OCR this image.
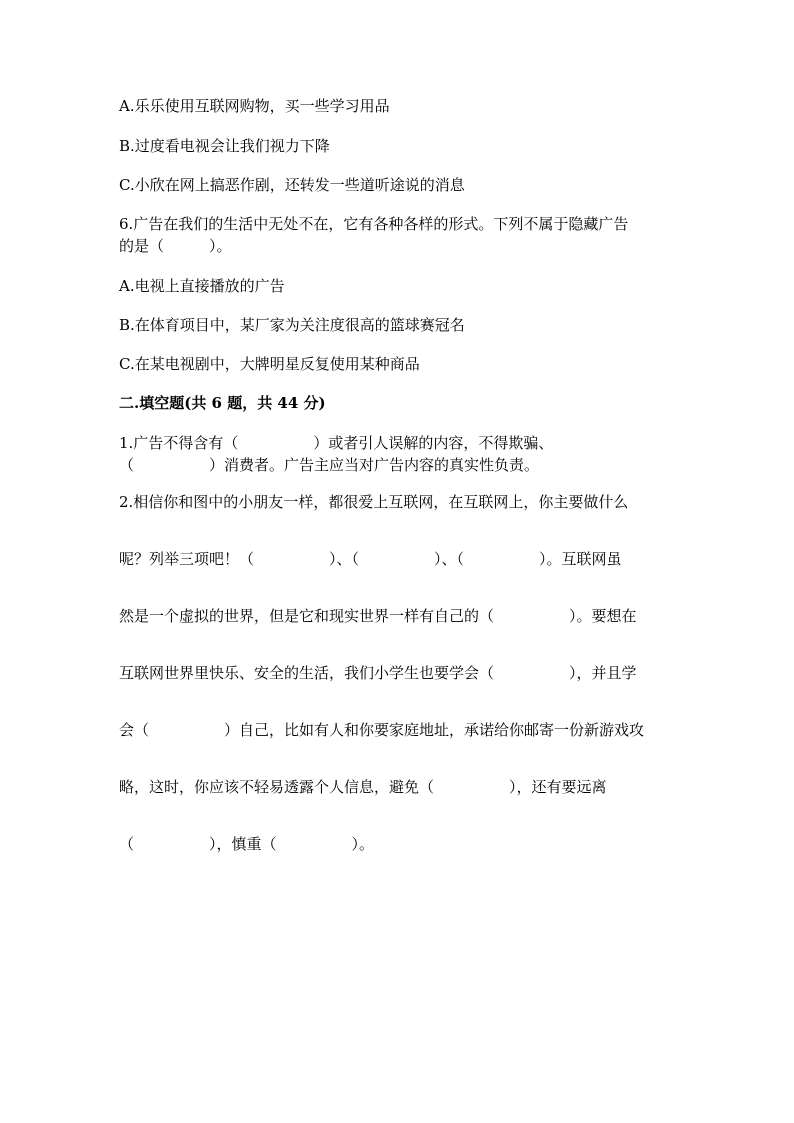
A.乐乐使用互联网购物，买一些学习用品
B.过度看电视会让我们视力下降
C.小欣在网上搞恶作剧，还转发一些道听途说的消息
6.广告在我们的生活中无处不在，它有各种各样的形式。下列不属于隐藏广告
的是（　　　）。
A.电视上直接播放的广告
B.在体育项目中，某厂家为关注度很高的篮球赛冠名
C.在某电视剧中，大牌明星反复使用某种商品
二.填空题(共 6 题，共 44 分)
1.广告不得含有（　　　　　）或者引人误解的内容，不得欺骗、
（　　　　　）消费者。广告主应当对广告内容的真实性负责。
2.相信你和图中的小朋友一样，都很爱上互联网，在互联网上，你主要做什么
呢？列举三项吧！（　　　　　）、（　　　　　）、（　　　　　）。互联网虽
然是一个虚拟的世界，但是它和现实世界一样有自己的（　　　　　）。要想在
互联网世界里快乐、安全的生活，我们小学生也要学会（　　　　　），并且学
会（　　　　　）自己，比如有人和你要家庭地址，承诺给你邮寄一份新游戏攻
略，这时，你应该不轻易透露个人信息，避免（　　　　　），还有要远离
（　　　　　），慎重（　　　　　）。
